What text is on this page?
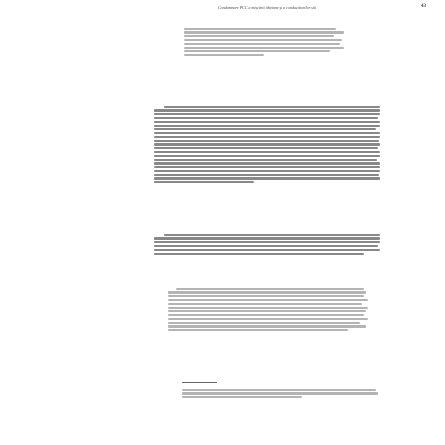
Condamnare PCC a mișcării tibetane și a conducătorilor săi	43
